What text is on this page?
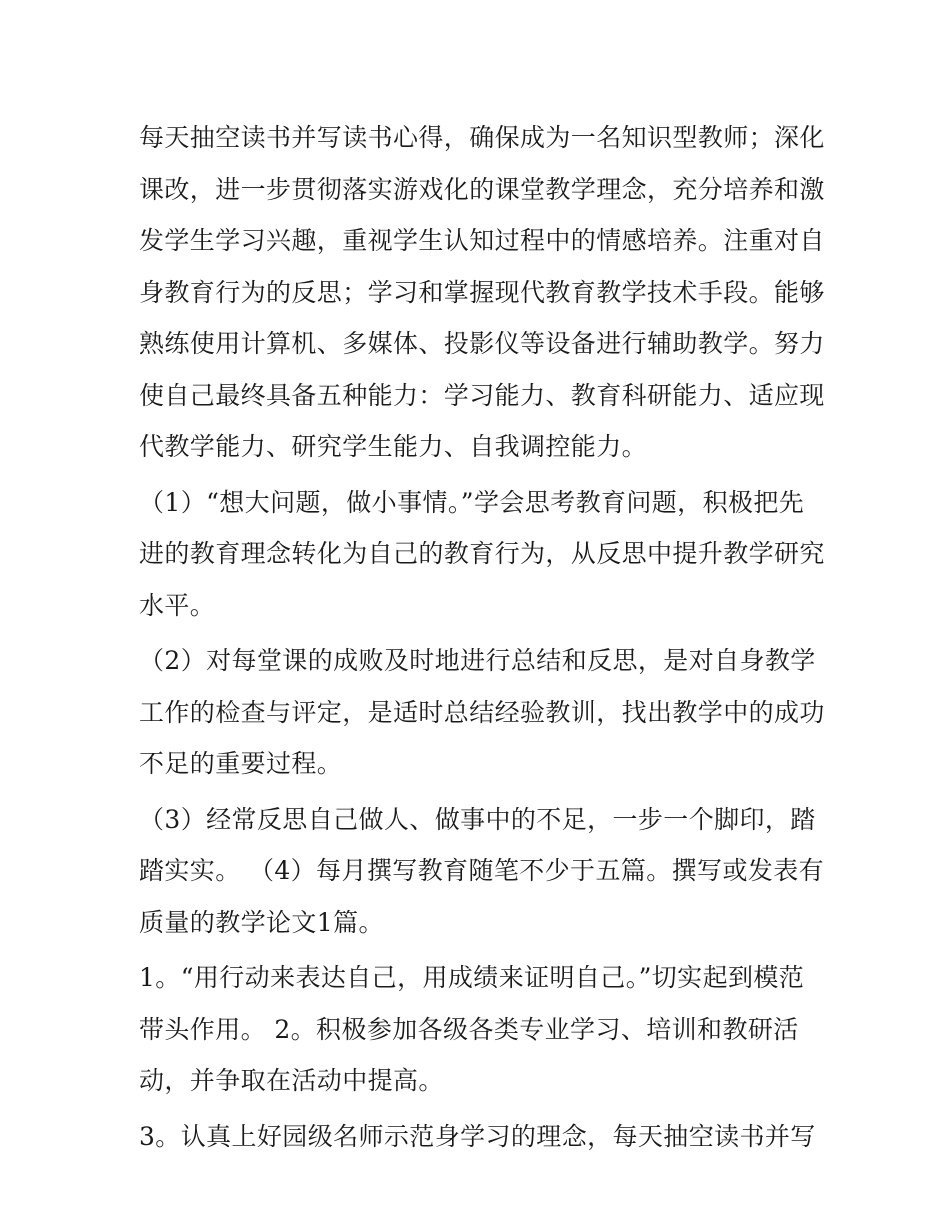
每天抽空读书并写读书心得，确保成为一名知识型教师；深化
课改，进一步贯彻落实游戏化的课堂教学理念，充分培养和激
发学生学习兴趣，重视学生认知过程中的情感培养。注重对自
身教育行为的反思；学习和掌握现代教育教学技术手段。能够
熟练使用计算机、多媒体、投影仪等设备进行辅助教学。努力
使自己最终具备五种能力：学习能力、教育科研能力、适应现
代教学能力、研究学生能力、自我调控能力。
（1）“想大问题，做小事情。”学会思考教育问题，积极把先
进的教育理念转化为自己的教育行为，从反思中提升教学研究
水平。
（2）对每堂课的成败及时地进行总结和反思，是对自身教学
工作的检查与评定，是适时总结经验教训，找出教学中的成功
不足的重要过程。
（3）经常反思自己做人、做事中的不足，一步一个脚印，踏
踏实实。 （4）每月撰写教育随笔不少于五篇。撰写或发表有
质量的教学论文1篇。
1。“用行动来表达自己，用成绩来证明自己。”切实起到模范
带头作用。 2。积极参加各级各类专业学习、培训和教研活
动，并争取在活动中提高。
3。认真上好园级名师示范身学习的理念，每天抽空读书并写
